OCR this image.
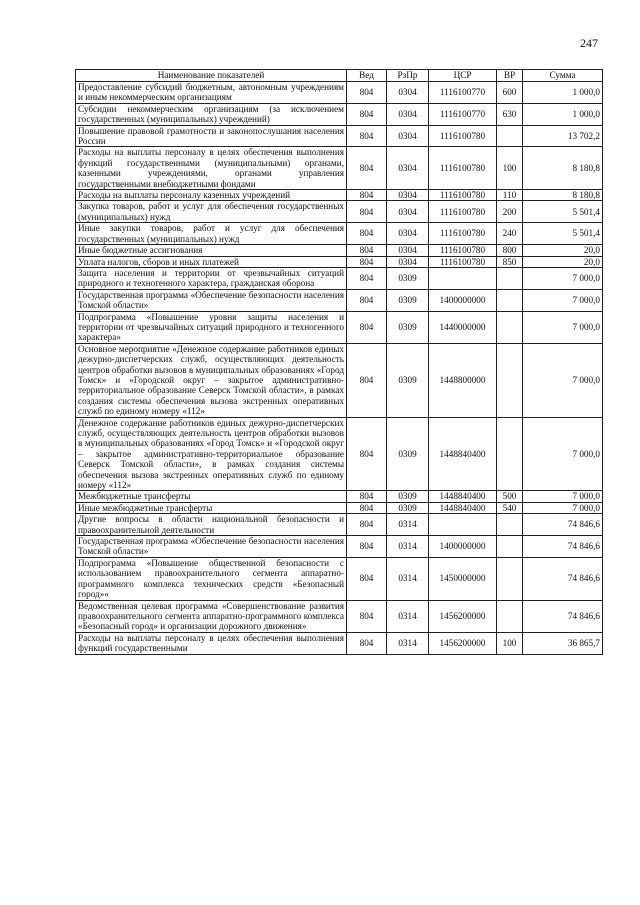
247
Наименование показателей	Вед	РзПр	ЦСР	ВР	Сумма
Предоставление субсидий бюджетным, автономным учреждениям и иным некоммерческим организациям	804	0304	1116100770	600	1 000,0
Субсидии некоммерческим организациям (за исключением государственных (муниципальных) учреждений)	804	0304	1116100770	630	1 000,0
Повышение правовой грамотности и законопослушания населения России	804	0304	1116100780		13 702,2
Расходы на выплаты персоналу в целях обеспечения выполнения функций государственными (муниципальными) органами, казенными учреждениями, органами управления государственными внебюджетными фондами	804	0304	1116100780	100	8 180,8
Расходы на выплаты персоналу казенных учреждений	804	0304	1116100780	110	8 180,8
Закупка товаров, работ и услуг для обеспечения государственных (муниципальных) нужд	804	0304	1116100780	200	5 501,4
Иные закупки товаров, работ и услуг для обеспечения государственных (муниципальных) нужд	804	0304	1116100780	240	5 501,4
Иные бюджетные ассигнования	804	0304	1116100780	800	20,0
Уплата налогов, сборов и иных платежей	804	0304	1116100780	850	20,0
Защита населения и территории от чрезвычайных ситуаций природного и техногенного характера, гражданская оборона	804	0309			7 000,0
Государственная программа «Обеспечение безопасности населения Томской области»	804	0309	1400000000		7 000,0
Подпрограмма «Повышение уровня защиты населения и территории от чрезвычайных ситуаций природного и техногенного характера»	804	0309	1440000000		7 000,0
Основное мероприятие «Денежное содержание работников единых дежурно-диспетчерских служб, осуществляющих деятельность центров обработки вызовов в муниципальных образованиях «Город Томск» и «Городской округ – закрытое административно-территориальное образование Северск Томской области», в рамках создания системы обеспечения вызова экстренных оперативных служб по единому номеру «112»	804	0309	1448800000		7 000,0
Денежное содержание работников единых дежурно-диспетчерских служб, осуществляющих деятельность центров обработки вызовов в муниципальных образованиях «Город Томск» и «Городской округ – закрытое административно-территориальное образование Северск Томской области», в рамках создания системы обеспечения вызова экстренных оперативных служб по единому номеру «112»	804	0309	1448840400		7 000,0
Межбюджетные трансферты	804	0309	1448840400	500	7 000,0
Иные межбюджетные трансферты	804	0309	1448840400	540	7 000,0
Другие вопросы в области национальной безопасности и правоохранительной деятельности	804	0314			74 846,6
Государственная программа «Обеспечение безопасности населения Томской области»	804	0314	1400000000		74 846,6
Подпрограмма «Повышение общественной безопасности с использованием правоохранительного сегмента аппаратно-программного комплекса технических средств «Безопасный город»«	804	0314	1450000000		74 846,6
Ведомственная целевая программа «Совершенствование развития правоохранительного сегмента аппаратно-программного комплекса «Безопасный город» и организации дорожного движения»	804	0314	1456200000		74 846,6
Расходы на выплаты персоналу в целях обеспечения выполнения функций государственными	804	0314	1456200000	100	36 865,7
